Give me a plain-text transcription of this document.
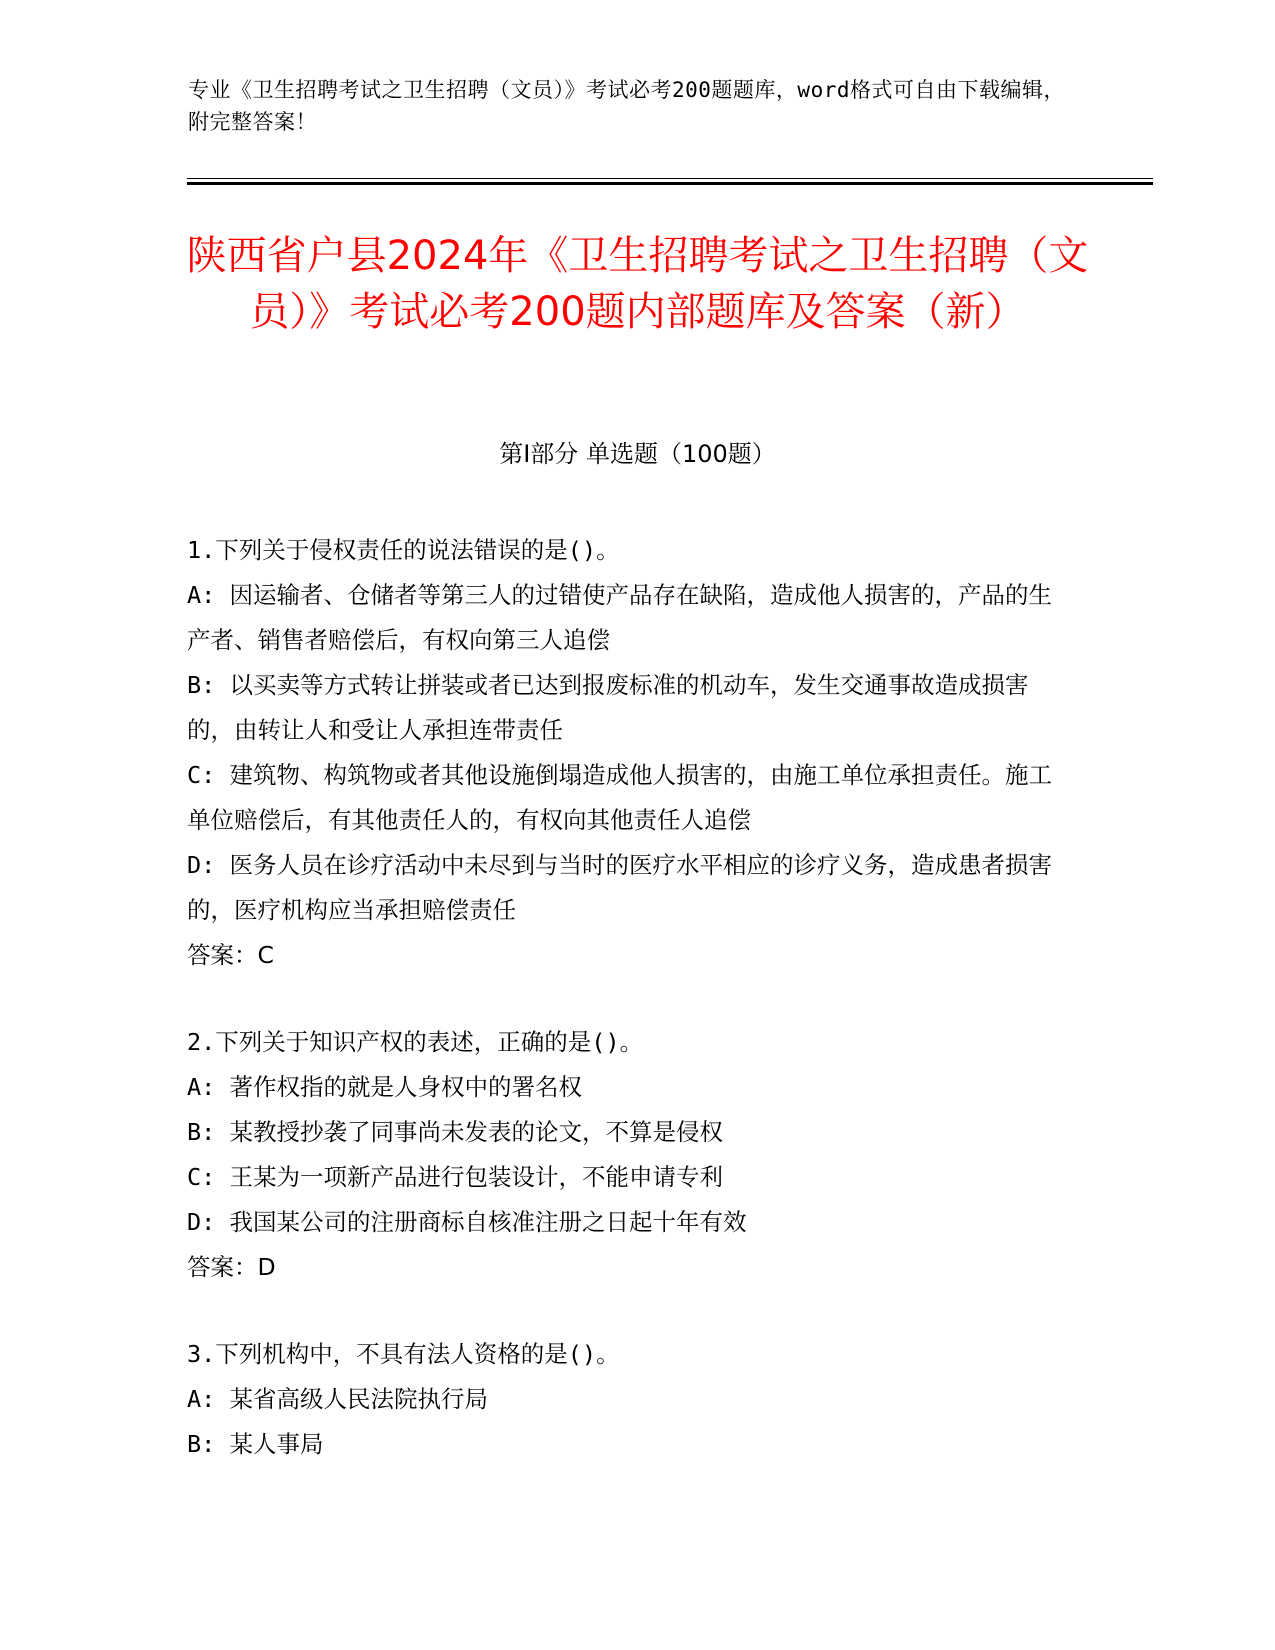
专业《卫生招聘考试之卫生招聘（文员）》考试必考200题题库，word格式可自由下载编辑，附完整答案！
陕西省户县2024年《卫生招聘考试之卫生招聘（文员）》考试必考200题内部题库及答案（新）
第I部分 单选题（100题）

1.下列关于侵权责任的说法错误的是()。

A: 因运输者、仓储者等第三人的过错使产品存在缺陷，造成他人损害的，产品的生产者、销售者赔偿后，有权向第三人追偿

B: 以买卖等方式转让拼装或者已达到报废标准的机动车，发生交通事故造成损害的，由转让人和受让人承担连带责任

C: 建筑物、构筑物或者其他设施倒塌造成他人损害的，由施工单位承担责任。施工单位赔偿后，有其他责任人的，有权向其他责任人追偿

D: 医务人员在诊疗活动中未尽到与当时的医疗水平相应的诊疗义务，造成患者损害的，医疗机构应当承担赔偿责任

答案：C

2.下列关于知识产权的表述，正确的是()。

A: 著作权指的就是人身权中的署名权

B: 某教授抄袭了同事尚未发表的论文，不算是侵权

C: 王某为一项新产品进行包装设计，不能申请专利

D: 我国某公司的注册商标自核准注册之日起十年有效

答案：D

3.下列机构中，不具有法人资格的是()。

A: 某省高级人民法院执行局

B: 某人事局
